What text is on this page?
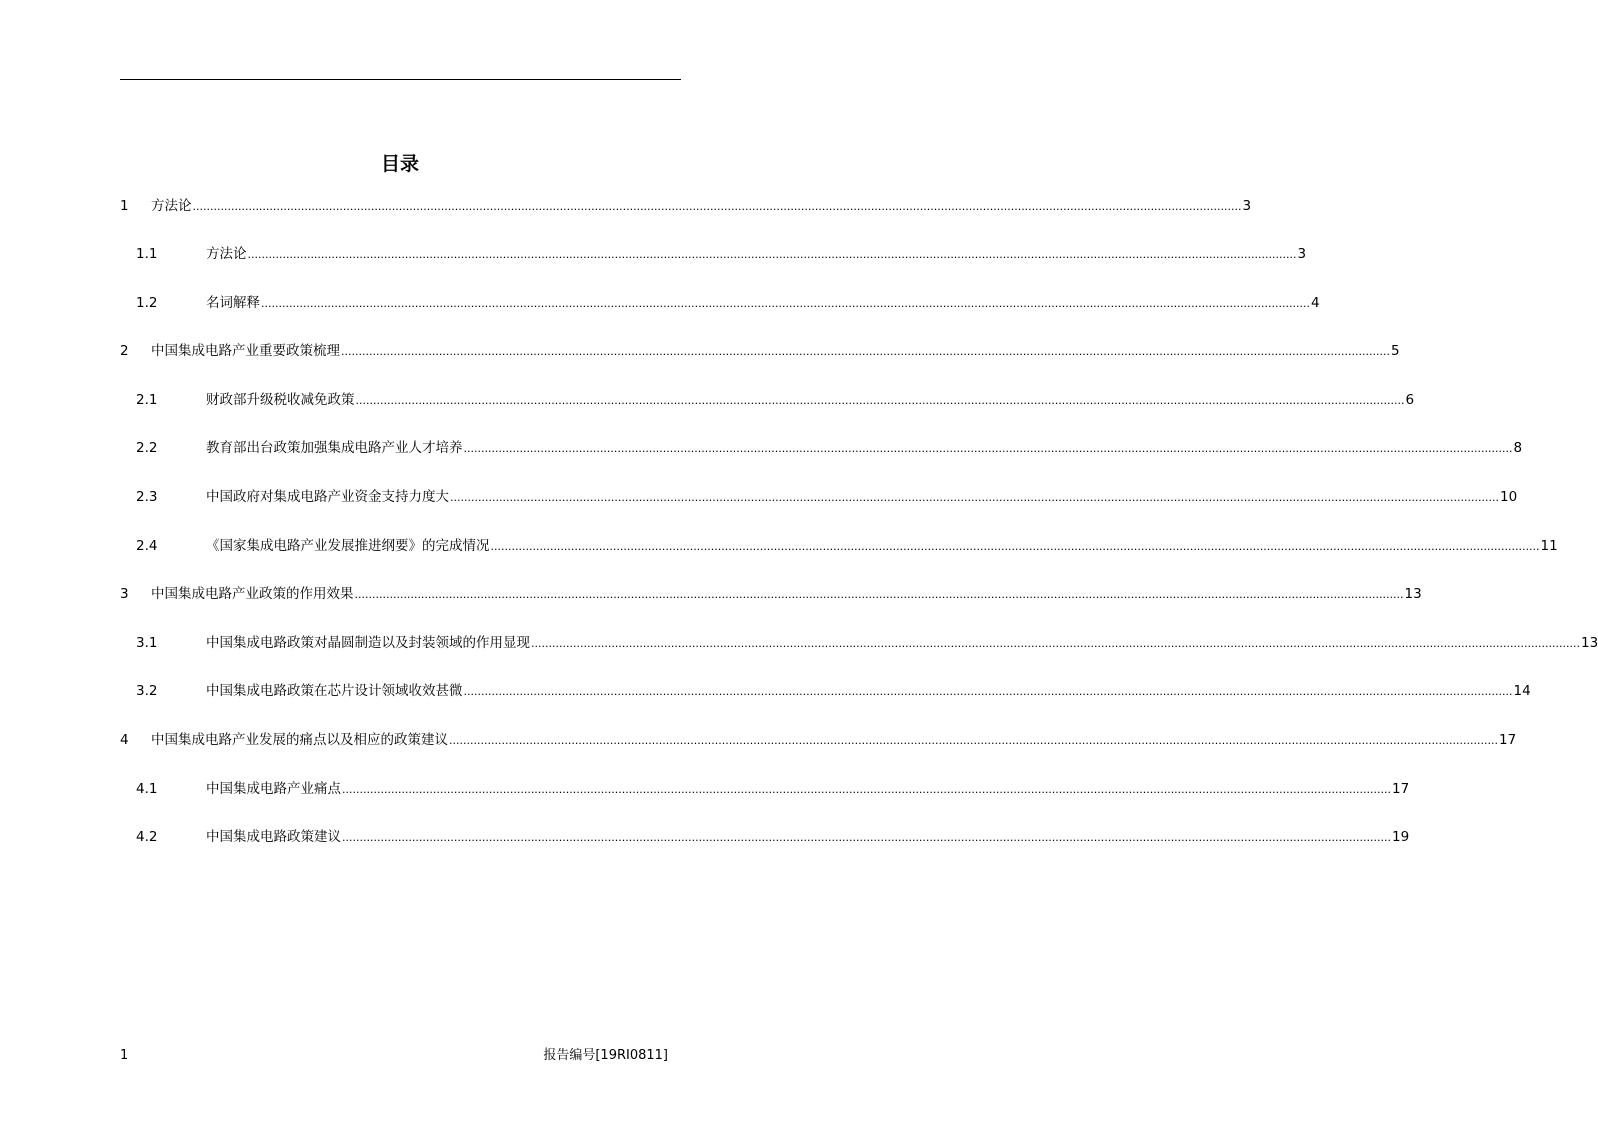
目录
1 方法论 ............................................................................................................................................................................................................................................................................................................ 3
1.1	方法论 ............................................................................................................................................................................................................................................................................................................ 3
1.2	名词解释 ............................................................................................................................................................................................................................................................................................................ 4
2 中国集成电路产业重要政策梳理 ............................................................................................................................................................................................................................................................................................................ 5
2.1	财政部升级税收减免政策 ............................................................................................................................................................................................................................................................................................................ 6
2.2	教育部出台政策加强集成电路产业人才培养 ............................................................................................................................................................................................................................................................................................................ 8
2.3	中国政府对集成电路产业资金支持力度大 ............................................................................................................................................................................................................................................................................................................ 10
2.4	《国家集成电路产业发展推进纲要》的完成情况 ............................................................................................................................................................................................................................................................................................................ 11
3 中国集成电路产业政策的作用效果 ............................................................................................................................................................................................................................................................................................................ 13
3.1	中国集成电路政策对晶圆制造以及封装领域的作用显现 ............................................................................................................................................................................................................................................................................................................ 13
3.2	中国集成电路政策在芯片设计领域收效甚微 ............................................................................................................................................................................................................................................................................................................ 14
4 中国集成电路产业发展的痛点以及相应的政策建议 ............................................................................................................................................................................................................................................................................................................ 17
4.1	中国集成电路产业痛点 ............................................................................................................................................................................................................................................................................................................ 17
4.2	中国集成电路政策建议 ............................................................................................................................................................................................................................................................................................................ 19
1	报告编号[19RI0811]
